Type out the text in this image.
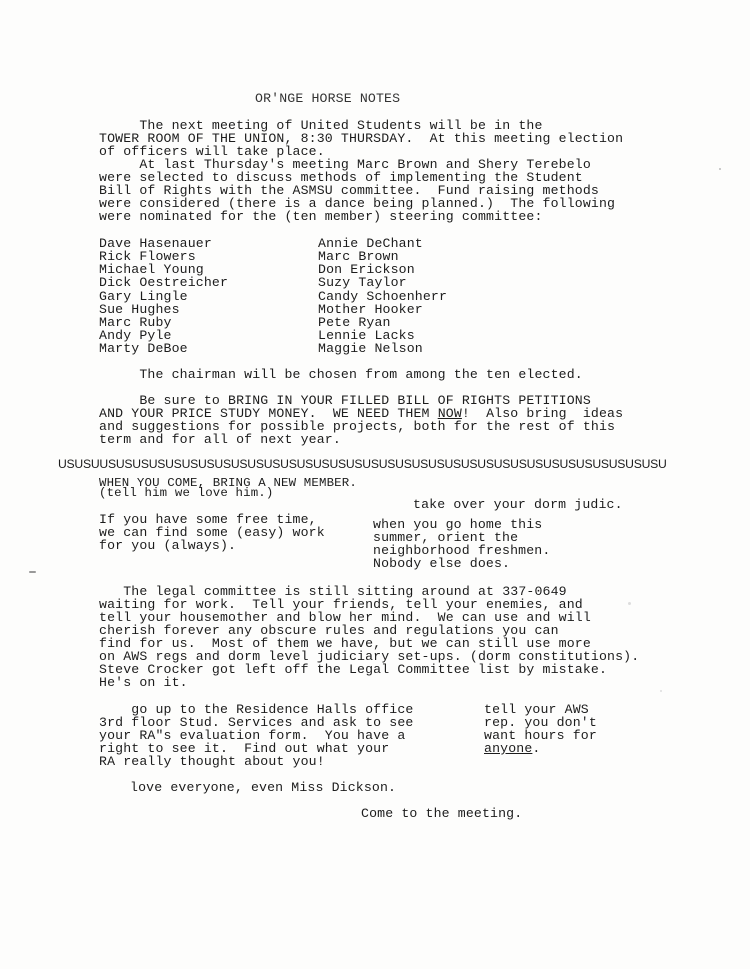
OR'NGE HORSE NOTES
The next meeting of United Students will be in the
TOWER ROOM OF THE UNION, 8:30 THURSDAY.  At this meeting election
of officers will take place.
At last Thursday's meeting Marc Brown and Shery Terebelo
were selected to discuss methods of implementing the Student
Bill of Rights with the ASMSU committee.  Fund raising methods
were considered (there is a dance being planned.)  The following
were nominated for the (ten member) steering committee:
Dave Hasenauer
Rick Flowers
Michael Young
Dick Oestreicher
Gary Lingle
Sue Hughes
Marc Ruby
Andy Pyle
Marty DeBoe
Annie DeChant
Marc Brown
Don Erickson
Suzy Taylor
Candy Schoenherr
Mother Hooker
Pete Ryan
Lennie Lacks
Maggie Nelson
The chairman will be chosen from among the ten elected.
Be sure to BRING IN YOUR FILLED BILL OF RIGHTS PETITIONS
AND YOUR PRICE STUDY MONEY.  WE NEED THEM NOW!  Also bring  ideas
and suggestions for possible projects, both for the rest of this
term and for all of next year.
USUSUUSUSUSUSUSUSUSUSUSUSUSUSUSUSUSUSUSUSUSUSUSUSUSUSUSUSUSUSUSUSUSUSUSUSU
WHEN YOU COME, BRING A NEW MEMBER.
(tell him we love him.)
take over your dorm judic.
If you have some free time,
we can find some (easy) work
for you (always).
when you go home this
summer, orient the
neighborhood freshmen.
Nobody else does.
The legal committee is still sitting around at 337-0649
waiting for work.  Tell your friends, tell your enemies, and
tell your housemother and blow her mind.  We can use and will
cherish forever any obscure rules and regulations you can
find for us.  Most of them we have, but we can still use more
on AWS regs and dorm level judiciary set-ups. (dorm constitutions).
Steve Crocker got left off the Legal Committee list by mistake.
He's on it.
go up to the Residence Halls office
3rd floor Stud. Services and ask to see
your RA"s evaluation form.  You have a
right to see it.  Find out what your
RA really thought about you!
tell your AWS
rep. you don't
want hours for
anyone.
love everyone, even Miss Dickson.
Come to the meeting.
